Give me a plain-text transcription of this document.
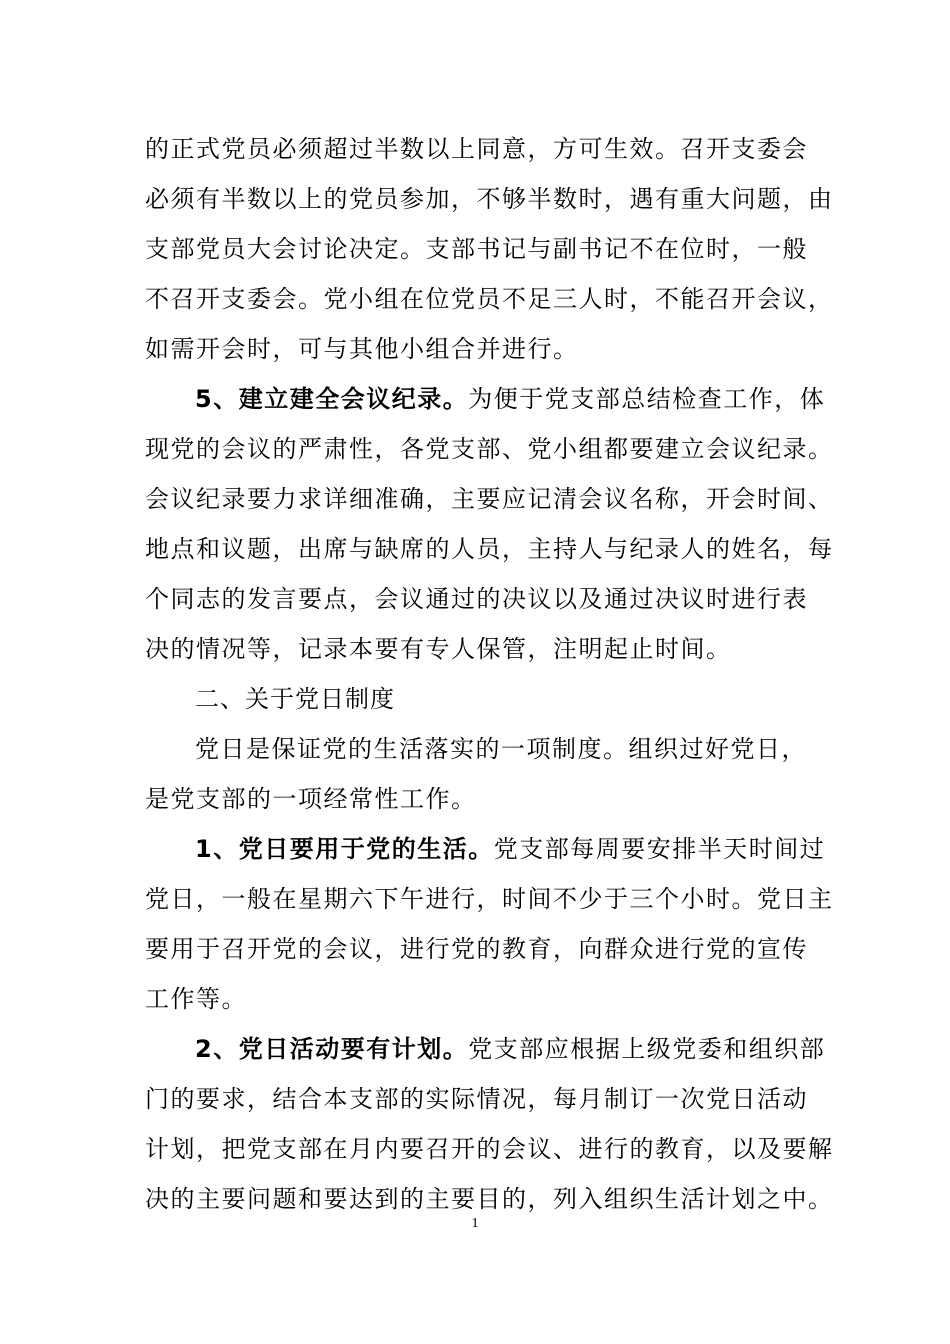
的正式党员必须超过半数以上同意，方可生效。召开支委会
必须有半数以上的党员参加，不够半数时，遇有重大问题，由
支部党员大会讨论决定。支部书记与副书记不在位时，一般
不召开支委会。党小组在位党员不足三人时，不能召开会议，
如需开会时，可与其他小组合并进行。
5、建立建全会议纪录。为便于党支部总结检查工作，体
现党的会议的严肃性，各党支部、党小组都要建立会议纪录。
会议纪录要力求详细准确，主要应记清会议名称，开会时间、
地点和议题，出席与缺席的人员，主持人与纪录人的姓名，每
个同志的发言要点，会议通过的决议以及通过决议时进行表
决的情况等，记录本要有专人保管，注明起止时间。
二、关于党日制度
党日是保证党的生活落实的一项制度。组织过好党日，
是党支部的一项经常性工作。
1、党日要用于党的生活。党支部每周要安排半天时间过
党日，一般在星期六下午进行，时间不少于三个小时。党日主
要用于召开党的会议，进行党的教育，向群众进行党的宣传
工作等。
2、党日活动要有计划。党支部应根据上级党委和组织部
门的要求，结合本支部的实际情况，每月制订一次党日活动
计划，把党支部在月内要召开的会议、进行的教育，以及要解
决的主要问题和要达到的主要目的，列入组织生活计划之中。
1
